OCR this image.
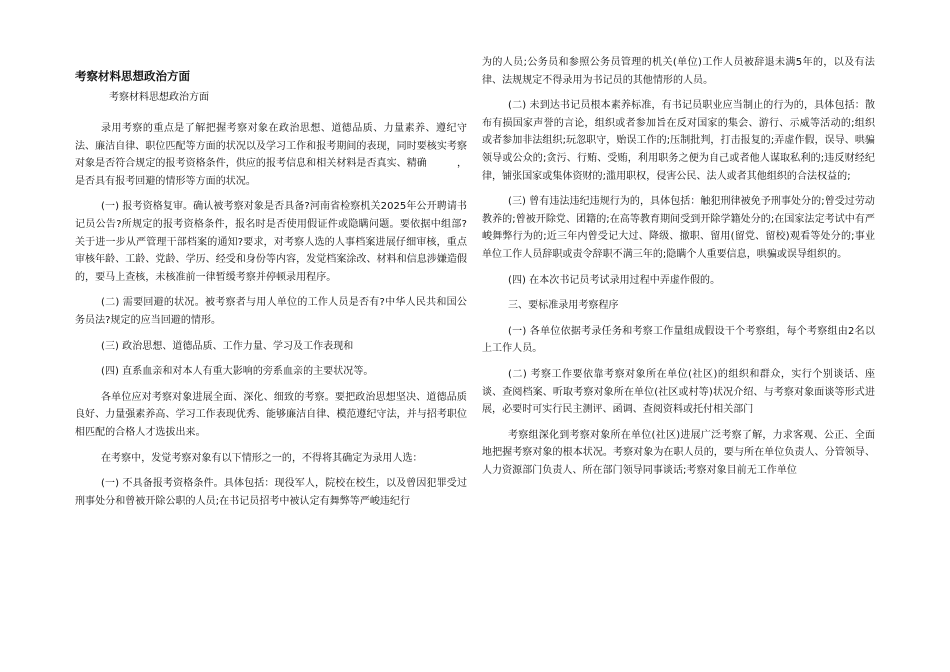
考察材料思想政治方面
考察材料思想政治方面

录用考察的重点是了解把握考察对象在政治思想、道德品质、力量素养、遵纪守法、廉洁自律、职位匹配等方面的状况以及学习工作和报考期间的表现，同时要核实考察对象是否符合规定的报考资格条件，供应的报考信息和相关材料是否真实、精确　　　，是否具有报考回避的情形等方面的状况。

(一) 报考资格复审。确认被考察对象是否具备?河南省检察机关2025年公开聘请书记员公告?所规定的报考资格条件，报名时是否使用假证件或隐瞒问题。要依据中组部?关于进一步从严管理干部档案的通知?要求，对考察人选的人事档案进展仔细审核，重点审核年龄、工龄、党龄、学历、经受和身份等内容，发觉档案涂改、材料和信息涉嫌造假的，要马上查核，未核准前一律暂缓考察并停顿录用程序。

(二) 需要回避的状况。被考察者与用人单位的工作人员是否有?中华人民共和国公务员法?规定的应当回避的情形。

(三) 政治思想、道德品质、工作力量、学习及工作表现和

(四) 直系血亲和对本人有重大影响的旁系血亲的主要状况等。

各单位应对考察对象进展全面、深化、细致的考察。要把政治思想坚决、道德品质良好、力量强素养高、学习工作表现优秀、能够廉洁自律、模范遵纪守法，并与招考职位相匹配的合格人才选拔出来。

在考察中，发觉考察对象有以下情形之一的，不得将其确定为录用人选：

(一) 不具备报考资格条件。具体包括：现役军人，院校在校生，以及曾因犯罪受过刑事处分和曾被开除公职的人员;在书记员招考中被认定有舞弊等严峻违纪行

为的人员;公务员和参照公务员管理的机关(单位)工作人员被辞退未满5年的，以及有法律、法规规定不得录用为书记员的其他情形的人员。

(二) 未到达书记员根本素养标准，有书记员职业应当制止的行为的，具体包括：散布有损国家声誉的言论，组织或者参加旨在反对国家的集会、游行、示威等活动的;组织或者参加非法组织;玩忽职守，贻误工作的;压制批判，打击报复的;弄虚作假，误导、哄骗领导或公众的;贪污、行贿、受贿，利用职务之便为自己或者他人谋取私利的;违反财经纪律，铺张国家或集体资财的;滥用职权，侵害公民、法人或者其他组织的合法权益的;

(三) 曾有违法违纪违规行为的，具体包括：触犯刑律被免予刑事处分的;曾受过劳动教养的;曾被开除党、团籍的;在高等教育期间受到开除学籍处分的;在国家法定考试中有严峻舞弊行为的;近三年内曾受记大过、降级、撤职、留用(留党、留校)观看等处分的;事业单位工作人员辞职或责令辞职不满三年的;隐瞒个人重要信息，哄骗或误导组织的。

(四) 在本次书记员考试录用过程中弄虚作假的。

三、要标准录用考察程序

(一) 各单位依据考录任务和考察工作量组成假设干个考察组，每个考察组由2名以上工作人员。

(二) 考察工作要依靠考察对象所在单位(社区)的组织和群众，实行个别谈话、座谈、查阅档案、听取考察对象所在单位(社区或村等)状况介绍、与考察对象面谈等形式进展，必要时可实行民主测评、函调、查阅资料或托付相关部门

考察组深化到考察对象所在单位(社区)进展广泛考察了解，力求客观、公正、全面地把握考察对象的根本状况。考察对象为在职人员的，要与所在单位负责人、分管领导、人力资源部门负责人、所在部门领导同事谈话;考察对象目前无工作单位
